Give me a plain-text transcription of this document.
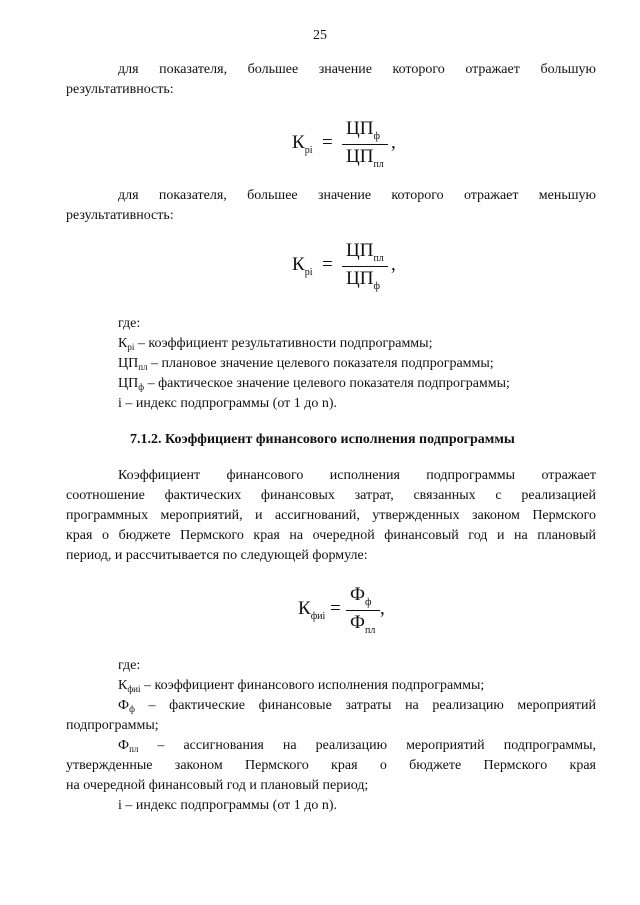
25
для показателя, большее значение которого отражает большую
результативность:
$К_{рi}$ =
$ЦП_ф$
$ЦП_{пл}$
,
для показателя, большее значение которого отражает меньшую
результативность:
$К_{рi}$ =
$ЦП_{пл}$
$ЦП_ф$
,
где:
$К_{рi}$ – коэффициент результативности подпрограммы;
$ЦП_{пл}$ – плановое значение целевого показателя подпрограммы;
$ЦП_ф$ – фактическое значение целевого показателя подпрограммы;
i – индекс подпрограммы (от 1 до n).
7.1.2. Коэффициент финансового исполнения подпрограммы
Коэффициент финансового исполнения подпрограммы отражает
соотношение фактических финансовых затрат, связанных с реализацией
программных мероприятий, и ассигнований, утвержденных законом Пермского
края о бюджете Пермского края на очередной финансовый год и на плановый
период, и рассчитывается по следующей формуле:
$К_{фиi}$ =
$Ф_ф$
$Ф_{пл}$
,
где:
$К_{фиi}$ – коэффициент финансового исполнения подпрограммы;
$Ф_ф$ – фактические финансовые затраты на реализацию мероприятий
подпрограммы;
$Ф_{пл}$ – ассигнования на реализацию мероприятий подпрограммы,
утвержденные законом Пермского края о бюджете Пермского края
на очередной финансовый год и плановый период;
i – индекс подпрограммы (от 1 до n).
